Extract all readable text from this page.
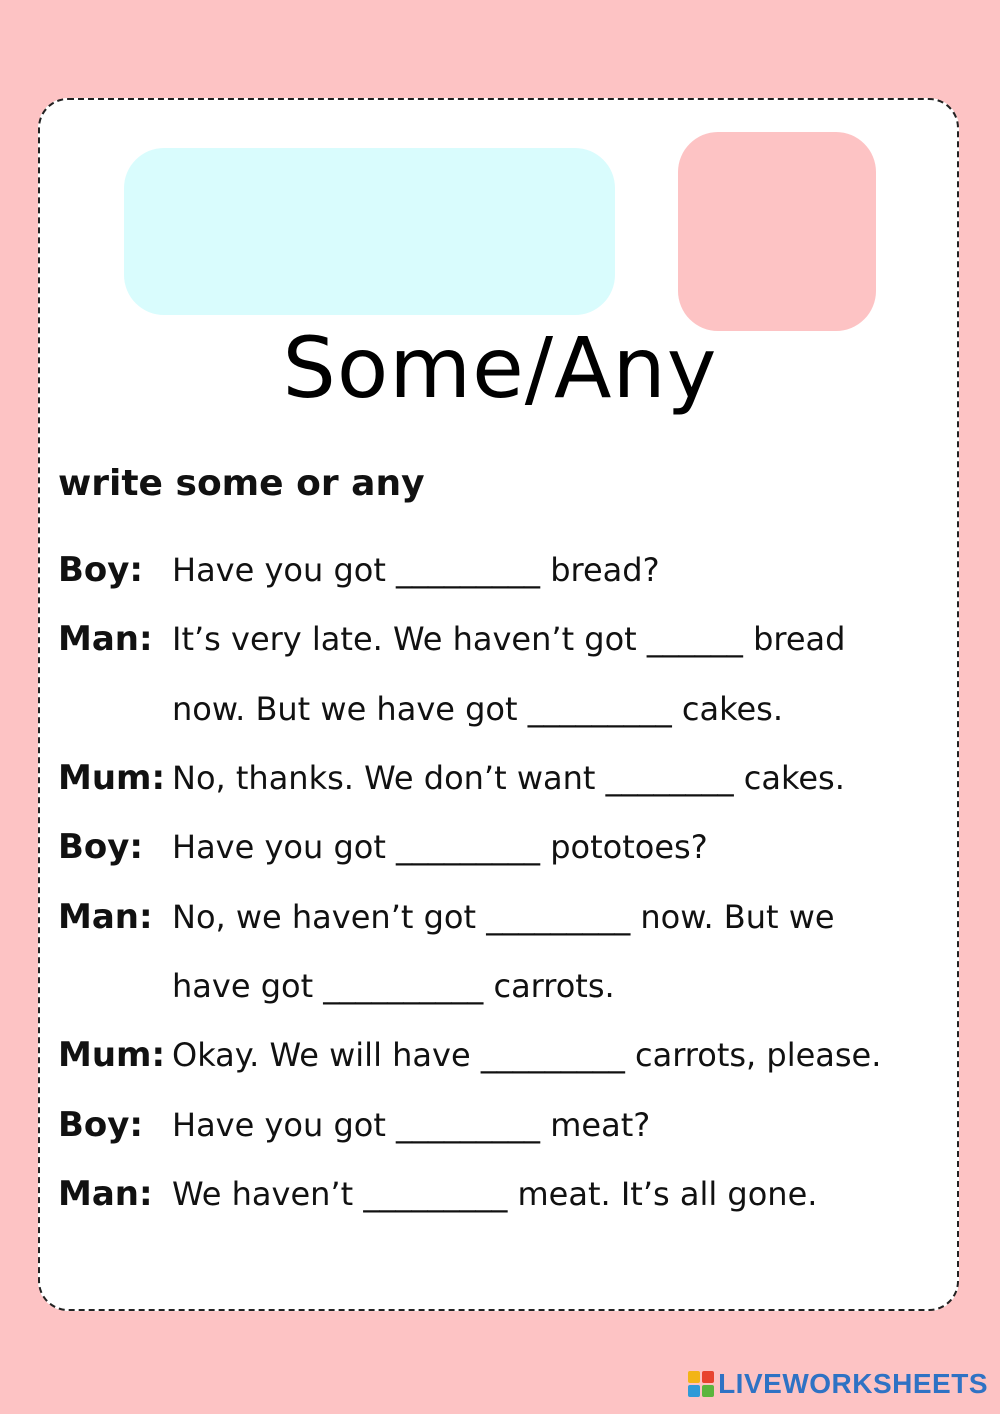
Some/Any
write some or any
Boy: Have you got _________ bread?
Man: It’s very late. We haven’t got ______ bread
now. But we have got _________ cakes.
Mum: No, thanks. We don’t want ________ cakes.
Boy: Have you got _________ pototoes?
Man: No, we haven’t got _________ now. But we
have got __________ carrots.
Mum: Okay. We will have _________ carrots, please.
Boy: Have you got _________ meat?
Man: We haven’t _________ meat. It’s all gone.
LIVEWORKSHEETS
